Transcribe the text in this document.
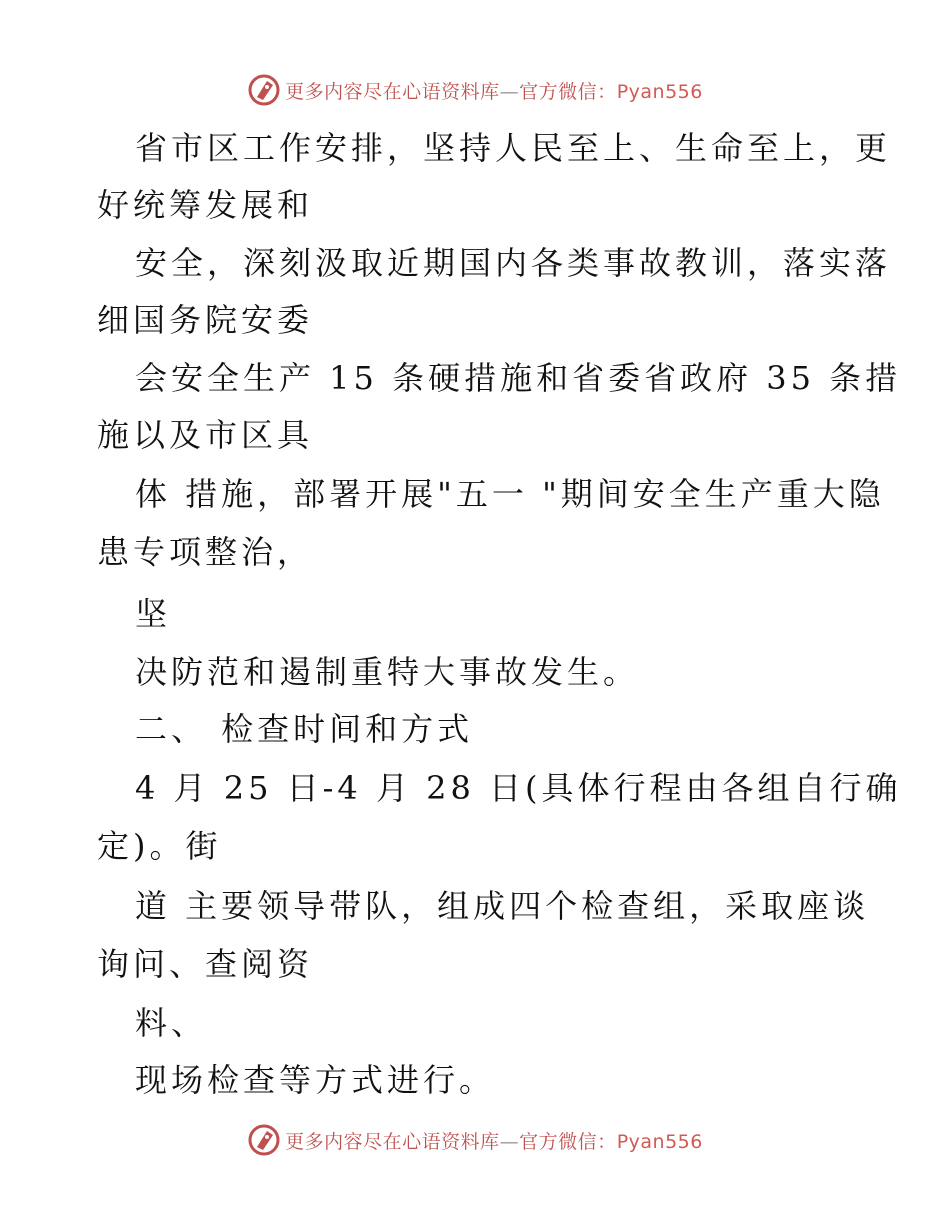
更多内容尽在心语资料库—官方微信：Pyan556
省市区工作安排，坚持人民至上、生命至上，更
好统筹发展和
安全，深刻汲取近期国内各类事故教训，落实落
细国务院安委
会安全生产 15 条硬措施和省委省政府 35 条措
施以及市区具
体 措施，部署开展"五一 "期间安全生产重大隐
患专项整治，
坚
决防范和遏制重特大事故发生。
二、 检查时间和方式
4 月 25 日-4 月 28 日(具体行程由各组自行确
定)。街
道 主要领导带队，组成四个检查组，采取座谈
询问、查阅资
料、
现场检查等方式进行。
更多内容尽在心语资料库—官方微信：Pyan556
